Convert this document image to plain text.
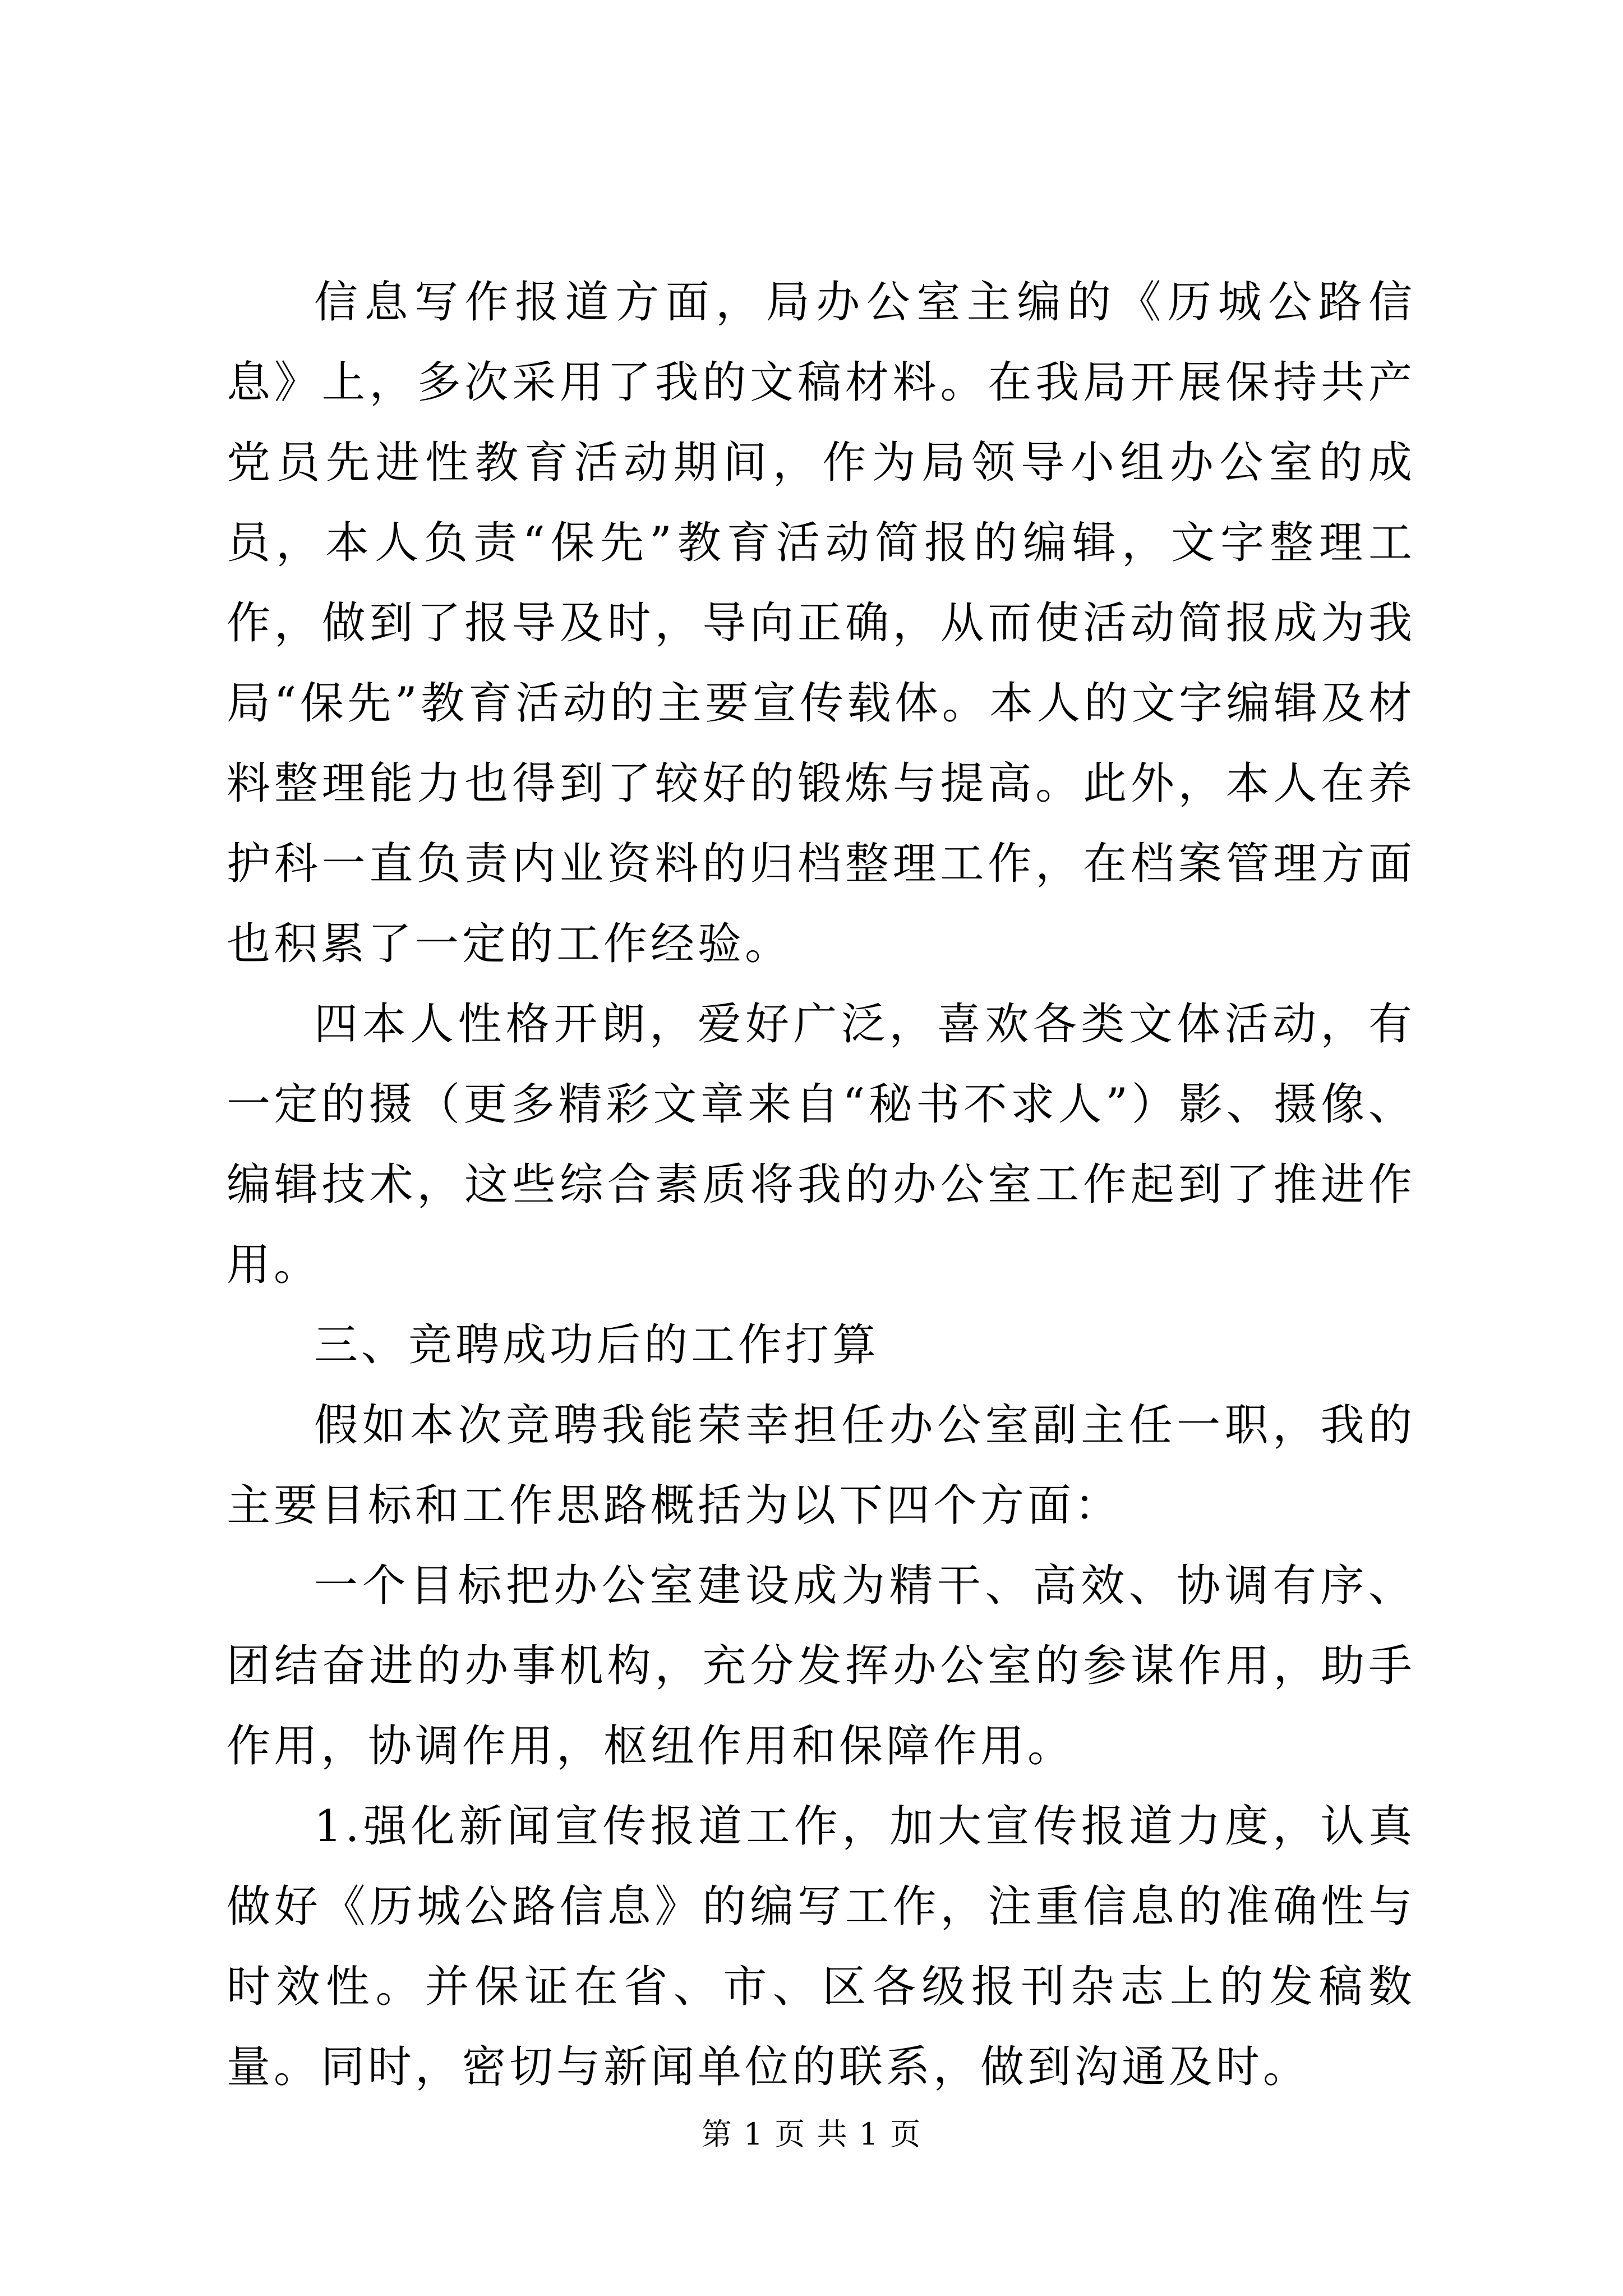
信息写作报道方面，局办公室主编的《历城公路信息》上，多次采用了我的文稿材料。在我局开展保持共产党员先进性教育活动期间，作为局领导小组办公室的成员，本人负责“保先”教育活动简报的编辑，文字整理工作，做到了报导及时，导向正确，从而使活动简报成为我局“保先”教育活动的主要宣传载体。本人的文字编辑及材料整理能力也得到了较好的锻炼与提高。此外，本人在养护科一直负责内业资料的归档整理工作，在档案管理方面也积累了一定的工作经验。

四本人性格开朗，爱好广泛，喜欢各类文体活动，有一定的摄（更多精彩文章来自“秘书不求人”）影、摄像、编辑技术，这些综合素质将我的办公室工作起到了推进作用。

三、竞聘成功后的工作打算

假如本次竞聘我能荣幸担任办公室副主任一职，我的主要目标和工作思路概括为以下四个方面：

一个目标把办公室建设成为精干、高效、协调有序、团结奋进的办事机构，充分发挥办公室的参谋作用，助手作用，协调作用，枢纽作用和保障作用。

1.强化新闻宣传报道工作，加大宣传报道力度，认真做好《历城公路信息》的编写工作，注重信息的准确性与时效性。并保证在省、市、区各级报刊杂志上的发稿数量。同时，密切与新闻单位的联系，做到沟通及时。

第 1 页 共 1 页
